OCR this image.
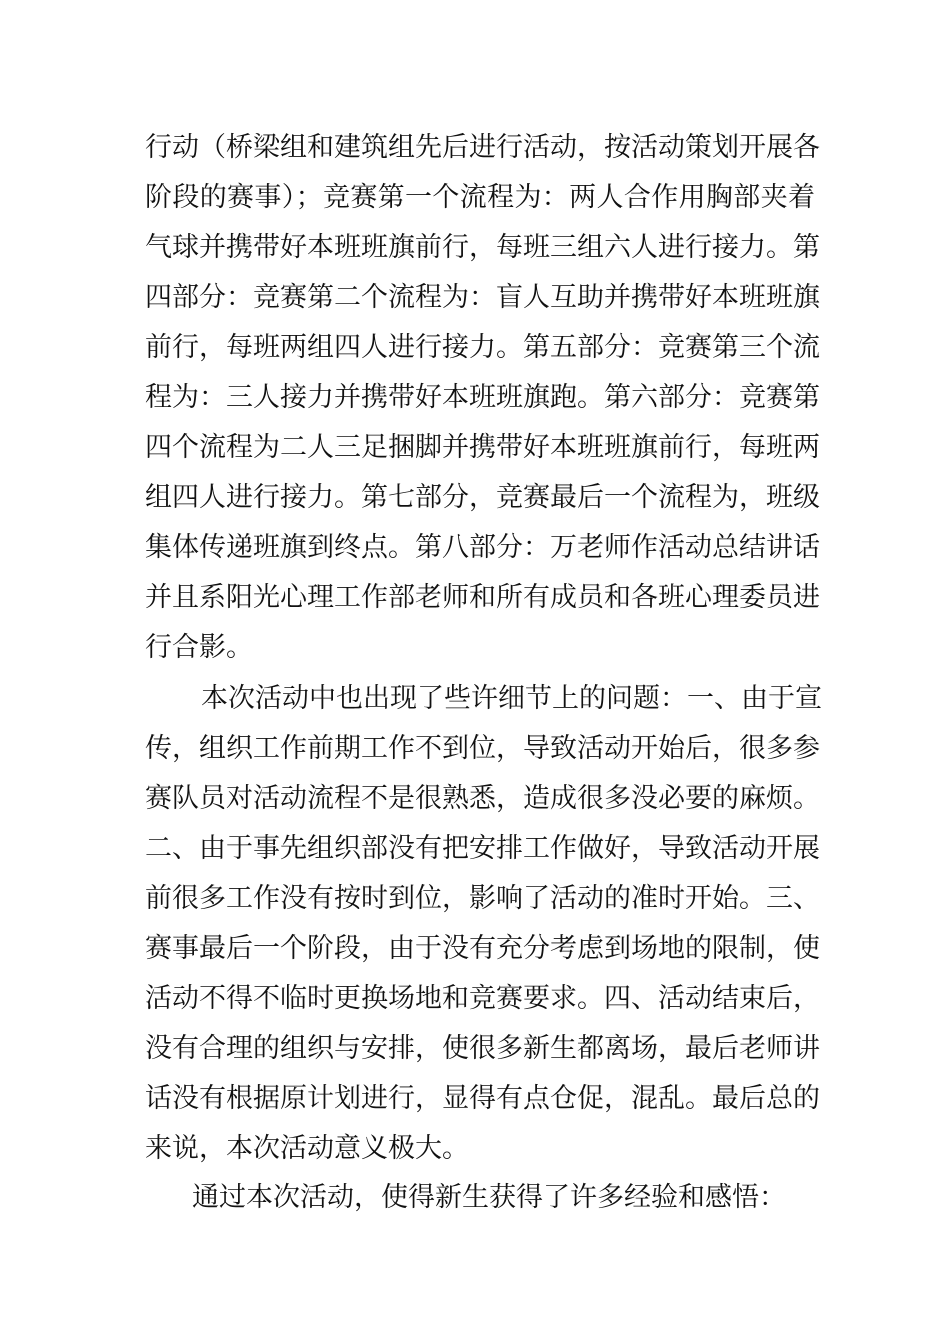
行动（桥梁组和建筑组先后进行活动，按活动策划开展各
阶段的赛事）；竞赛第一个流程为：两人合作用胸部夹着
气球并携带好本班班旗前行，每班三组六人进行接力。第
四部分：竞赛第二个流程为：盲人互助并携带好本班班旗
前行，每班两组四人进行接力。第五部分：竞赛第三个流
程为：三人接力并携带好本班班旗跑。第六部分：竞赛第
四个流程为二人三足捆脚并携带好本班班旗前行，每班两
组四人进行接力。第七部分，竞赛最后一个流程为，班级
集体传递班旗到终点。第八部分：万老师作活动总结讲话
并且系阳光心理工作部老师和所有成员和各班心理委员进
行合影。
本次活动中也出现了些许细节上的问题：一、由于宣
传，组织工作前期工作不到位，导致活动开始后，很多参
赛队员对活动流程不是很熟悉，造成很多没必要的麻烦。
二、由于事先组织部没有把安排工作做好，导致活动开展
前很多工作没有按时到位，影响了活动的准时开始。三、
赛事最后一个阶段，由于没有充分考虑到场地的限制，使
活动不得不临时更换场地和竞赛要求。四、活动结束后，
没有合理的组织与安排，使很多新生都离场，最后老师讲
话没有根据原计划进行，显得有点仓促，混乱。最后总的
来说，本次活动意义极大。
通过本次活动，使得新生获得了许多经验和感悟：
